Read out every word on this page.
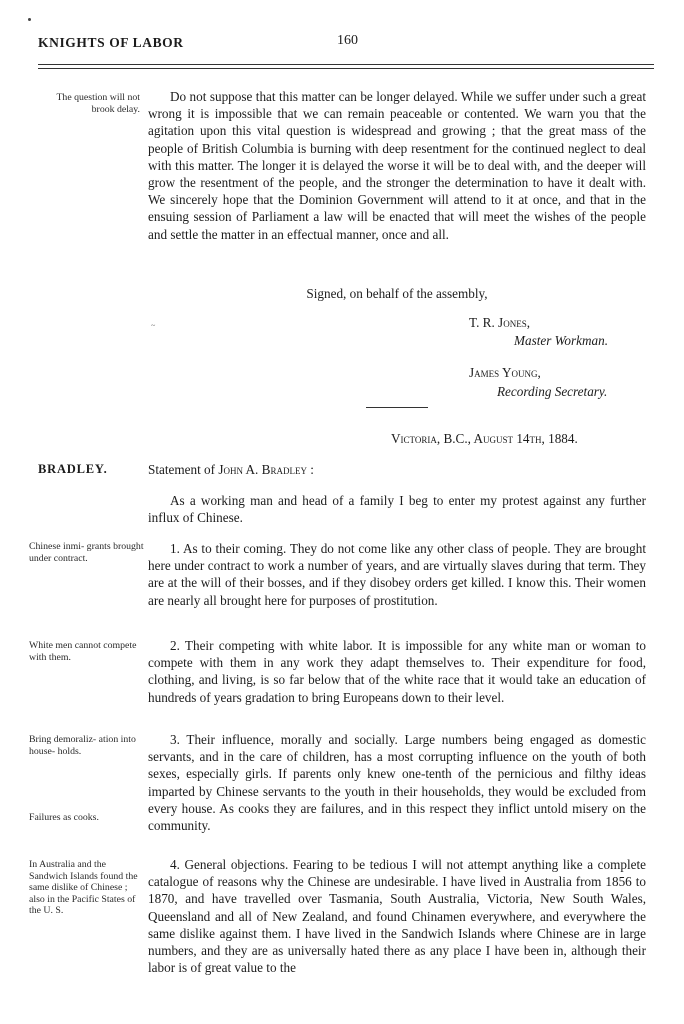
KNIGHTS OF LABOR	160
The question will not brook delay.
Do not suppose that this matter can be longer delayed. While we suffer under such a great wrong it is impossible that we can remain peaceable or contented. We warn you that the agitation upon this vital question is widespread and growing ; that the great mass of the people of British Columbia is burning with deep resentment for the continued neglect to deal with this matter. The longer it is delayed the worse it will be to deal with, and the deeper will grow the resentment of the people, and the stronger the determination to have it dealt with. We sincerely hope that the Dominion Government will attend to it at once, and that in the ensuing session of Parliament a law will be enacted that will meet the wishes of the people and settle the matter in an effectual manner, once and all.
Signed, on behalf of the assembly,
~	T. R. Jones,
Master Workman.
James Young,
Recording Secretary.
Victoria, B.C., August 14th, 1884.
BRADLEY.	Statement of John A. Bradley :
As a working man and head of a family I beg to enter my protest against any further influx of Chinese.
Chinese inmi- grants brought under contract.
1. As to their coming. They do not come like any other class of people. They are brought here under contract to work a number of years, and are virtually slaves during that term. They are at the will of their bosses, and if they disobey orders get killed. I know this. Their women are nearly all brought here for purposes of prostitution.
White men cannot compete with them.
2. Their competing with white labor. It is impossible for any white man or woman to compete with them in any work they adapt themselves to. Their expenditure for food, clothing, and living, is so far below that of the white race that it would take an education of hundreds of years gradation to bring Europeans down to their level.
Bring demoraliz- ation into house- holds.
Failures as cooks.
3. Their influence, morally and socially. Large numbers being engaged as domestic servants, and in the care of children, has a most corrupting influence on the youth of both sexes, especially girls. If parents only knew one-tenth of the pernicious and filthy ideas imparted by Chinese servants to the youth in their households, they would be excluded from every house. As cooks they are failures, and in this respect they inflict untold misery on the community.
In Australia and the Sandwich Islands found the same dislike of Chinese ; also in the Pacific States of the U. S.
4. General objections. Fearing to be tedious I will not attempt anything like a complete catalogue of reasons why the Chinese are undesirable. I have lived in Australia from 1856 to 1870, and have travelled over Tasmania, South Australia, Victoria, New South Wales, Queensland and all of New Zealand, and found Chinamen everywhere, and everywhere the same dislike against them. I have lived in the Sandwich Islands where Chinese are in large numbers, and they are as universally hated there as any place I have been in, although their labor is of great value to the
